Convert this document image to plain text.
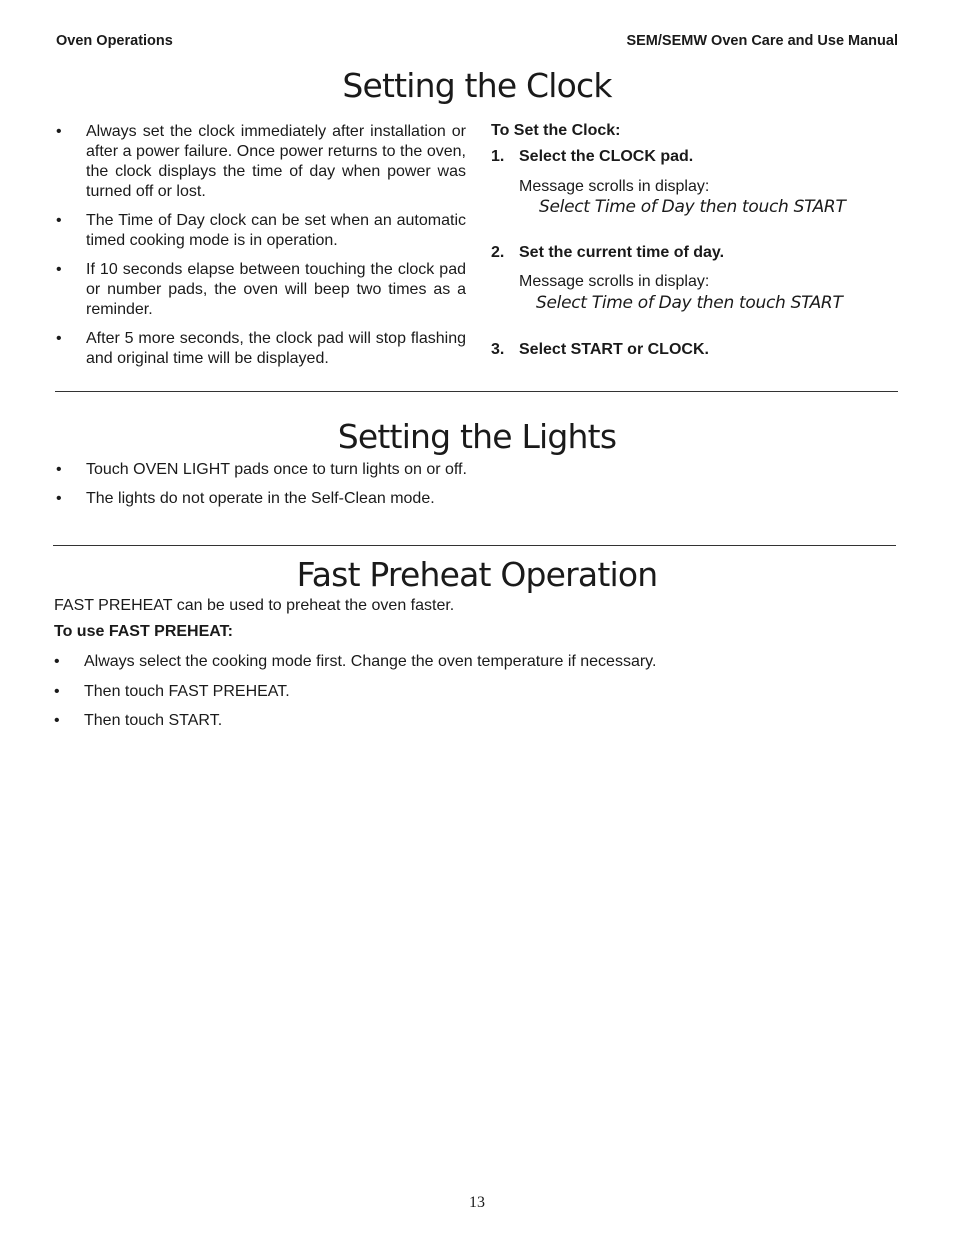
Oven Operations	SEM/SEMW Oven Care and Use Manual
Setting the Clock
• Always set the clock immediately after installation or after a power failure. Once power returns to the oven, the clock displays the time of day when power was turned off or lost.
• The Time of Day clock can be set when an automatic timed cooking mode is in operation.
• If 10 seconds elapse between touching the clock pad or number pads, the oven will beep two times as a reminder.
• After 5 more seconds, the clock pad will stop flashing and original time will be displayed.
To Set the Clock:
1. Select the CLOCK pad.
Message scrolls in display:
Select Time of Day then touch START
2. Set the current time of day.
Message scrolls in display:
Select Time of Day then touch START
3. Select START or CLOCK.
Setting the Lights
• Touch OVEN LIGHT pads once to turn lights on or off.
• The lights do not operate in the Self-Clean mode.
Fast Preheat Operation
FAST PREHEAT can be used to preheat the oven faster.
To use FAST PREHEAT:
• Always select the cooking mode first. Change the oven temperature if necessary.
• Then touch FAST PREHEAT.
• Then touch START.
13
